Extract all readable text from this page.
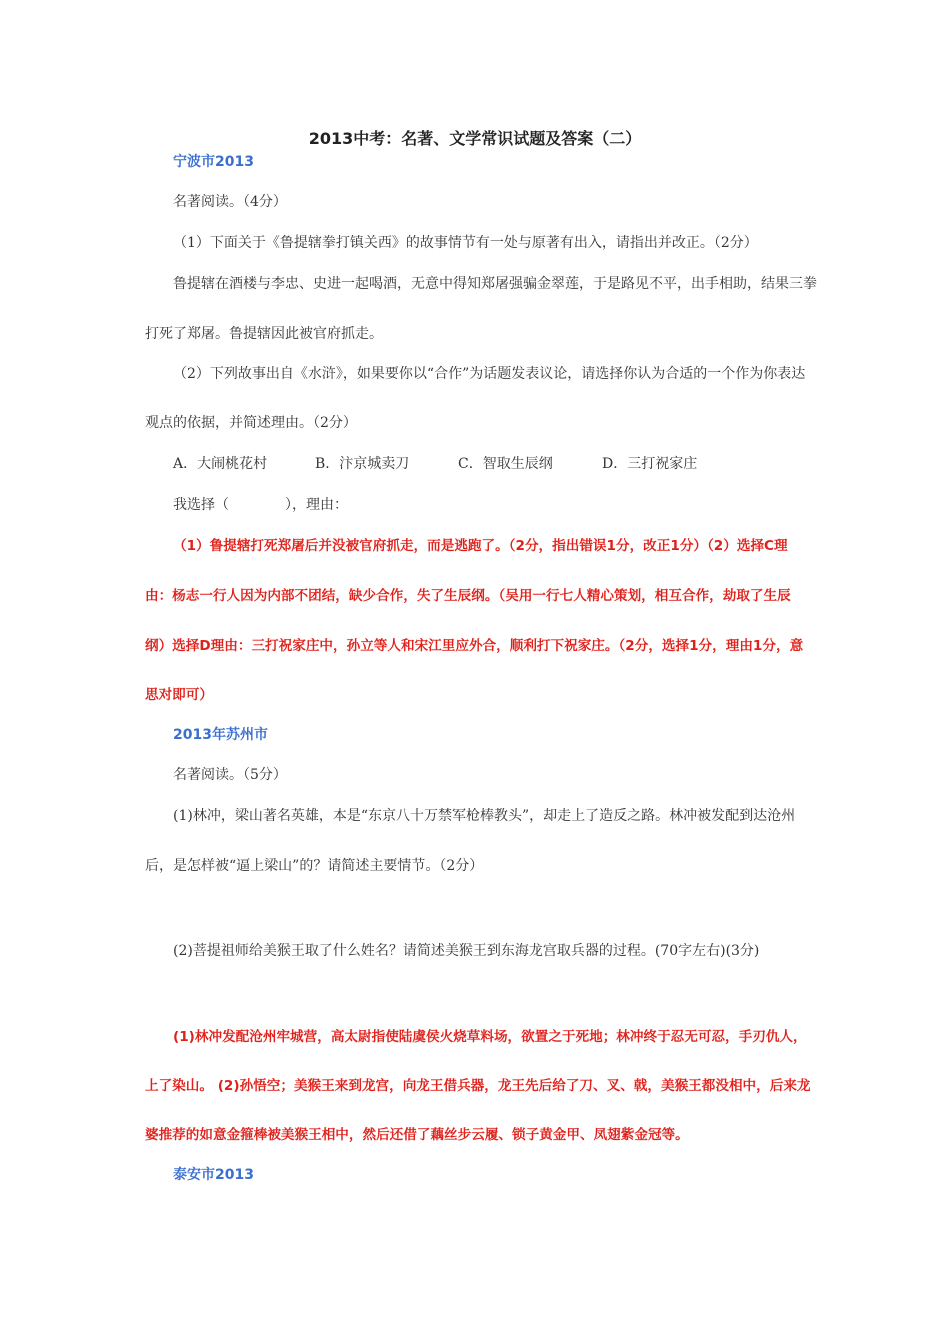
2013中考：名著、文学常识试题及答案（二）
宁波市2013
名著阅读。（4分）
（1）下面关于《鲁提辖拳打镇关西》的故事情节有一处与原著有出入，请指出并改正。（2分）
鲁提辖在酒楼与李忠、史进一起喝酒，无意中得知郑屠强骗金翠莲，于是路见不平，出手相助，结果三拳
打死了郑屠。鲁提辖因此被官府抓走。
（2）下列故事出自《水浒》，如果要你以“合作”为话题发表议论，请选择你认为合适的一个作为你表达
观点的依据，并简述理由。（2分）
A．大闹桃花村	B．汴京城卖刀	C．智取生辰纲	D．三打祝家庄
我选择（　　　　），理由：
（1）鲁提辖打死郑屠后并没被官府抓走，而是逃跑了。（2分，指出错误1分，改正1分）（2）选择C理
由：杨志一行人因为内部不团结，缺少合作，失了生辰纲。（吴用一行七人精心策划，相互合作，劫取了生辰
纲）选择D理由：三打祝家庄中，孙立等人和宋江里应外合，顺利打下祝家庄。（2分，选择1分，理由1分，意
思对即可）
2013年苏州市
名著阅读。（5分）
(1)林冲，梁山著名英雄，本是“东京八十万禁军枪棒教头”，却走上了造反之路。林冲被发配到达沧州
后，是怎样被“逼上梁山”的？请简述主要情节。（2分）
(2)菩提祖师给美猴王取了什么姓名？请简述美猴王到东海龙宫取兵器的过程。(70字左右)(3分)
(1)林冲发配沧州牢城营，高太尉指使陆虞侯火烧草料场，欲置之于死地；林冲终于忍无可忍，手刃仇人，
上了染山。 (2)孙悟空；美猴王来到龙宫，向龙王借兵器，龙王先后给了刀、叉、戟，美猴王都没相中，后来龙
婆推荐的如意金箍棒被美猴王相中，然后还借了藕丝步云履、锁子黄金甲、凤翅紫金冠等。
泰安市2013
